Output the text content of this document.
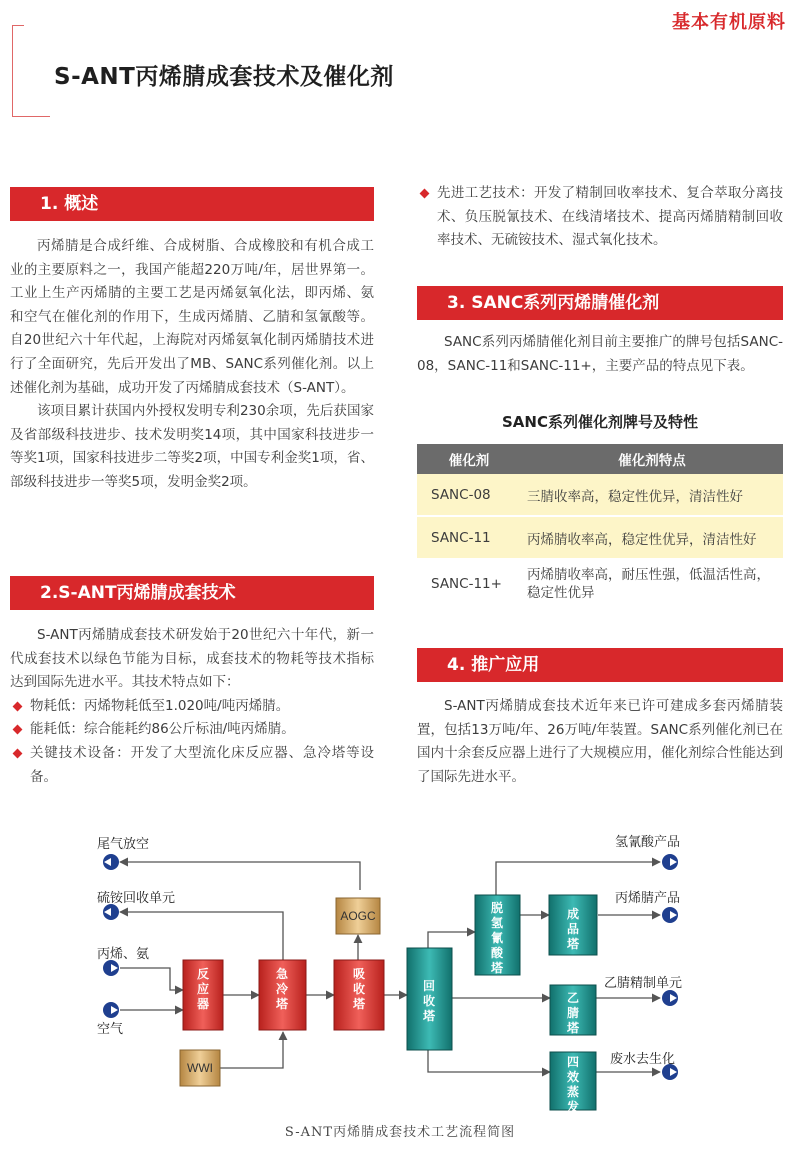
基本有机原料
S-ANT丙烯腈成套技术及催化剂
1. 概述

丙烯腈是合成纤维、合成树脂、合成橡胶和有机合成工业的主要原料之一，我国产能超220万吨/年，居世界第一。工业上生产丙烯腈的主要工艺是丙烯氨氧化法，即丙烯、氨和空气在催化剂的作用下，生成丙烯腈、乙腈和氢氰酸等。自20世纪六十年代起，上海院对丙烯氨氧化制丙烯腈技术进行了全面研究，先后开发出了MB、SANC系列催化剂。以上述催化剂为基础，成功开发了丙烯腈成套技术（S-ANT）。

该项目累计获国内外授权发明专利230余项，先后获国家及省部级科技进步、技术发明奖14项，其中国家科技进步一等奖1项，国家科技进步二等奖2项，中国专利金奖1项，省、部级科技进步一等奖5项，发明金奖2项。

2.S-ANT丙烯腈成套技术

S-ANT丙烯腈成套技术研发始于20世纪六十年代，新一代成套技术以绿色节能为目标，成套技术的物耗等技术指标达到国际先进水平。其技术特点如下：

物耗低：丙烯物耗低至1.020吨/吨丙烯腈。
能耗低：综合能耗约86公斤标油/吨丙烯腈。
关键技术设备：开发了大型流化床反应器、急冷塔等设备。
先进工艺技术：开发了精制回收率技术、复合萃取分离技术、负压脱氰技术、在线清堵技术、提高丙烯腈精制回收率技术、无硫铵技术、湿式氧化技术。
3. SANC系列丙烯腈催化剂

SANC系列丙烯腈催化剂目前主要推广的牌号包括SANC-08，SANC-11和SANC-11+，主要产品的特点见下表。

SANC系列催化剂牌号及特性
催化剂	催化剂特点
SANC-08	三腈收率高，稳定性优异，清洁性好

SANC-11	丙烯腈收率高，稳定性优异，清洁性好

SANC-11+	丙烯腈收率高，耐压性强，低温活性高，稳定性优异
4. 推广应用

S-ANT丙烯腈成套技术近年来已许可建成多套丙烯腈装置，包括13万吨/年、26万吨/年装置。SANC系列催化剂已在国内十余套反应器上进行了大规模应用，催化剂综合性能达到了国际先进水平。

尾气放空
硫铵回收单元
丙烯、氨
空气
氢氰酸产品
丙烯腈产品
乙腈精制单元
废水去生化
反应器
急冷塔
吸收塔
回收塔
脱氢氰酸塔
成品塔
乙腈塔
四效蒸发
AOGC
WWI
S-ANT丙烯腈成套技术工艺流程简图
